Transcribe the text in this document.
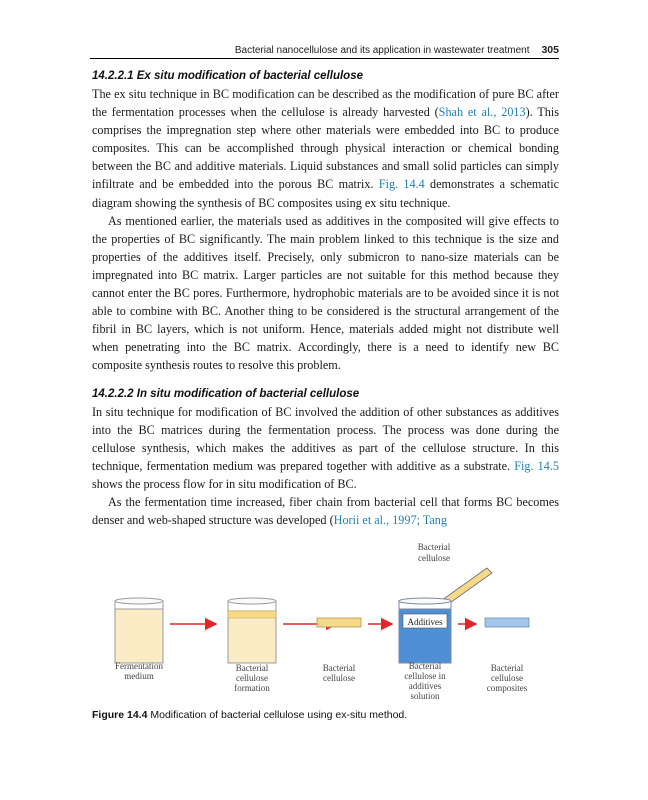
Bacterial nanocellulose and its application in wastewater treatment 305
14.2.2.1 Ex situ modification of bacterial cellulose

The ex situ technique in BC modification can be described as the modification of pure BC after the fermentation processes when the cellulose is already harvested (Shah et al., 2013). This comprises the impregnation step where other materials were embedded into BC to produce composites. This can be accomplished through physical interaction or chemical bonding between the BC and additive materials. Liquid substances and small solid particles can simply infiltrate and be embedded into the porous BC matrix. Fig. 14.4 demonstrates a schematic diagram showing the synthesis of BC composites using ex situ technique.

As mentioned earlier, the materials used as additives in the composited will give effects to the properties of BC significantly. The main problem linked to this technique is the size and properties of the additives itself. Precisely, only submicron to nano-size materials can be impregnated into BC matrix. Larger particles are not suitable for this method because they cannot enter the BC pores. Furthermore, hydrophobic materials are to be avoided since it is not able to combine with BC. Another thing to be considered is the structural arrangement of the fibril in BC layers, which is not uniform. Hence, materials added might not distribute well when penetrating into the BC matrix. Accordingly, there is a need to identify new BC composite synthesis routes to resolve this problem.

14.2.2.2 In situ modification of bacterial cellulose

In situ technique for modification of BC involved the addition of other substances as additives into the BC matrices during the fermentation process. The process was done during the cellulose synthesis, which makes the additives as part of the cellulose structure. In this technique, fermentation medium was prepared together with additive as a substrate. Fig. 14.5 shows the process flow for in situ modification of BC.

As the fermentation time increased, fiber chain from bacterial cell that forms BC becomes denser and web-shaped structure was developed (Horii et al., 1997; Tang

Bacterial
cellulose
Additives
Fermentation
medium
Bacterial
cellulose
formation
Bacterial
cellulose
Bacterial
cellulose in
additives
solution
Bacterial
cellulose
composites
Figure 14.4 Modification of bacterial cellulose using ex-situ method.
